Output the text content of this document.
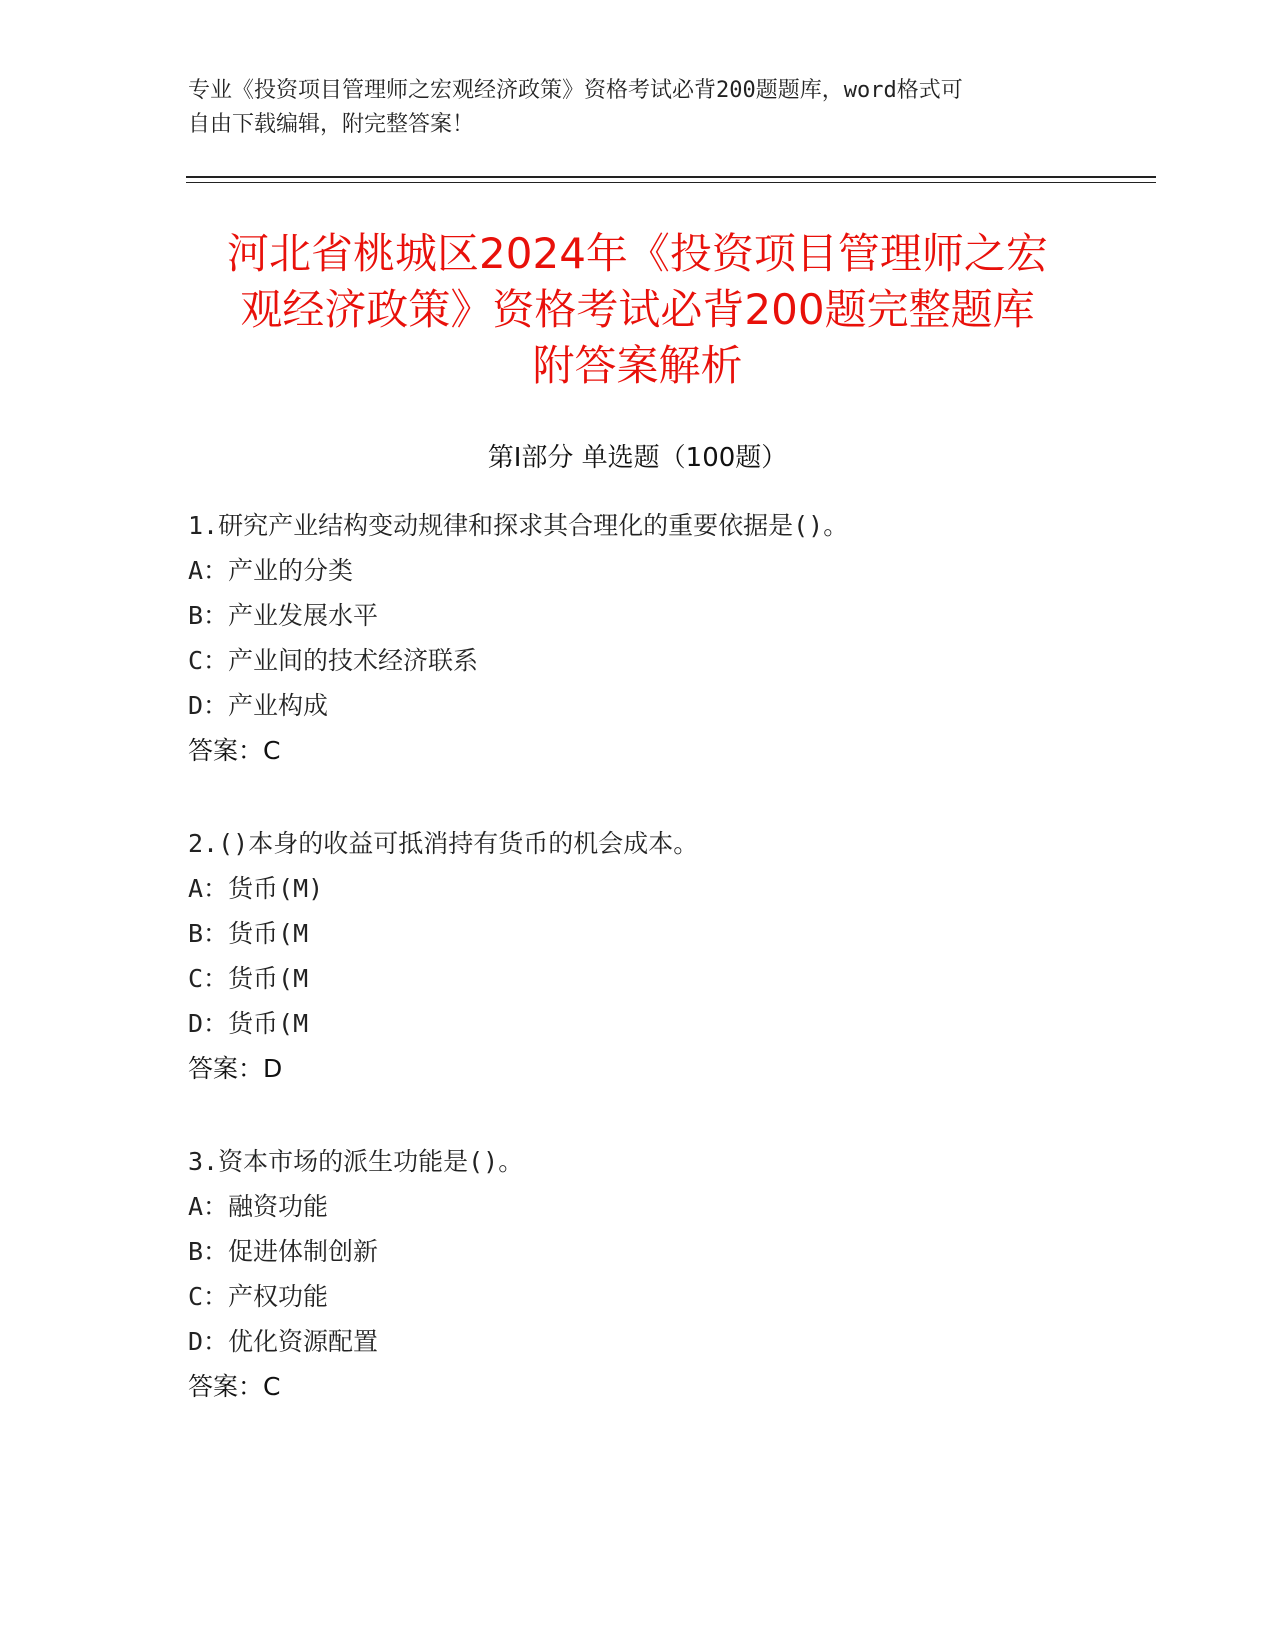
专业《投资项目管理师之宏观经济政策》资格考试必背200题题库，word格式可
自由下载编辑，附完整答案！
河北省桃城区2024年《投资项目管理师之宏
观经济政策》资格考试必背200题完整题库
附答案解析
第Ⅰ部分 单选题（100题）
1.研究产业结构变动规律和探求其合理化的重要依据是()。
A：产业的分类
B：产业发展水平
C：产业间的技术经济联系
D：产业构成
答案：C
2.()本身的收益可抵消持有货币的机会成本。
A：货币(M)
B：货币(M
C：货币(M
D：货币(M
答案：D
3.资本市场的派生功能是()。
A：融资功能
B：促进体制创新
C：产权功能
D：优化资源配置
答案：C
